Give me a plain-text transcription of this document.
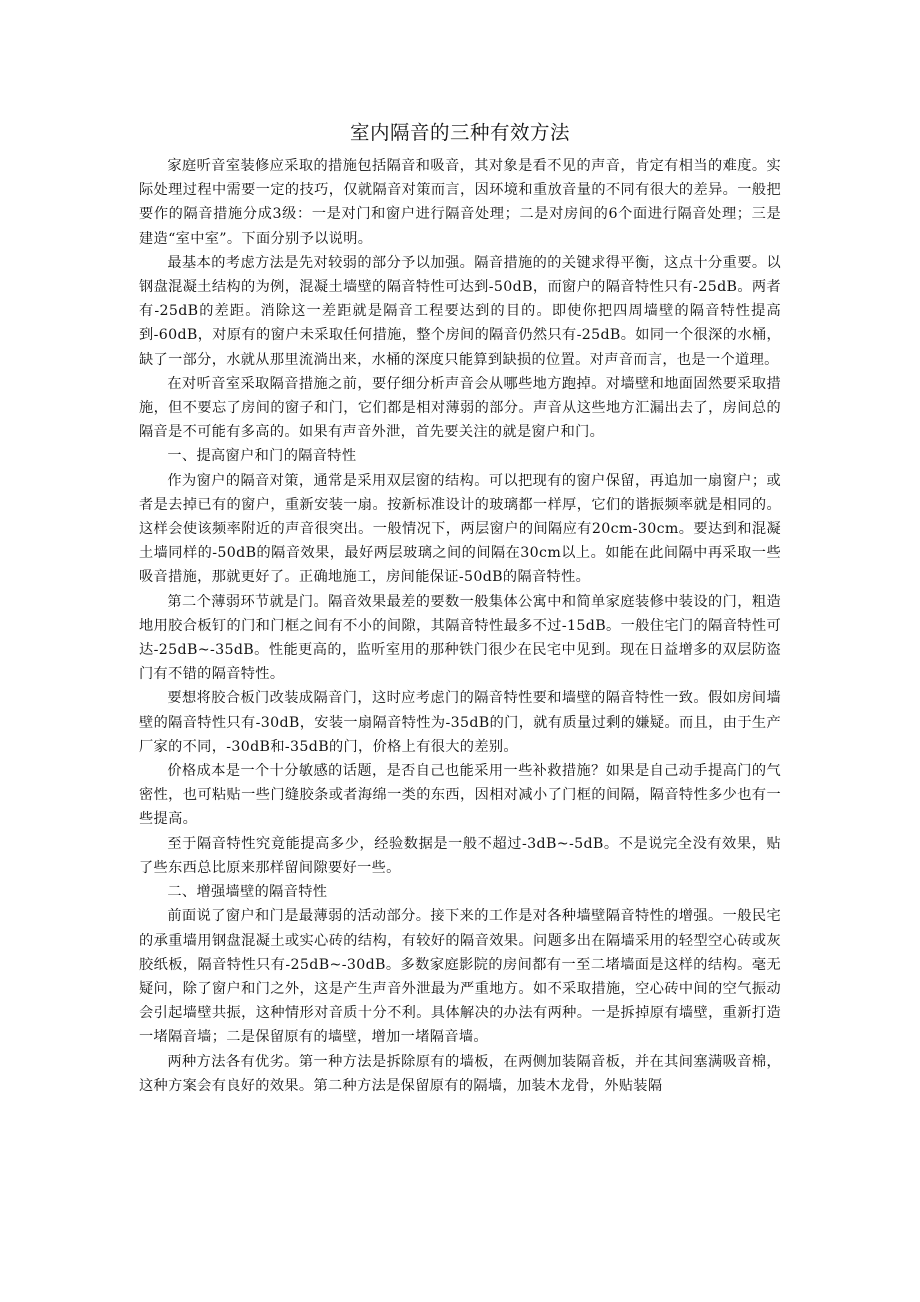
室内隔音的三种有效方法

家庭听音室装修应采取的措施包括隔音和吸音，其对象是看不见的声音，肯定有相当的难度。实际处理过程中需要一定的技巧，仅就隔音对策而言，因环境和重放音量的不同有很大的差异。一般把要作的隔音措施分成3级：一是对门和窗户进行隔音处理；二是对房间的6个面进行隔音处理；三是建造“室中室”。下面分别予以说明。

最基本的考虑方法是先对较弱的部分予以加强。隔音措施的的关键求得平衡，这点十分重要。以钢盘混凝土结构的为例，混凝土墙壁的隔音特性可达到-50dB，而窗户的隔音特性只有-25dB。两者有-25dB的差距。消除这一差距就是隔音工程要达到的目的。即使你把四周墙壁的隔音特性提高到-60dB，对原有的窗户未采取任何措施，整个房间的隔音仍然只有-25dB。如同一个很深的水桶，缺了一部分，水就从那里流淌出来，水桶的深度只能算到缺损的位置。对声音而言，也是一个道理。

在对听音室采取隔音措施之前，要仔细分析声音会从哪些地方跑掉。对墙壁和地面固然要采取措施，但不要忘了房间的窗子和门，它们都是相对薄弱的部分。声音从这些地方汇漏出去了，房间总的隔音是不可能有多高的。如果有声音外泄，首先要关注的就是窗户和门。

一、提高窗户和门的隔音特性

作为窗户的隔音对策，通常是采用双层窗的结构。可以把现有的窗户保留，再追加一扇窗户；或者是去掉已有的窗户，重新安装一扇。按新标准设计的玻璃都一样厚，它们的谐振频率就是相同的。这样会使该频率附近的声音很突出。一般情况下，两层窗户的间隔应有20cm-30cm。要达到和混凝土墙同样的-50dB的隔音效果，最好两层玻璃之间的间隔在30cm以上。如能在此间隔中再采取一些吸音措施，那就更好了。正确地施工，房间能保证-50dB的隔音特性。

第二个薄弱环节就是门。隔音效果最差的要数一般集体公寓中和简单家庭装修中装设的门，粗造地用胶合板钉的门和门框之间有不小的间隙，其隔音特性最多不过-15dB。一般住宅门的隔音特性可达-25dB~-35dB。性能更高的，监听室用的那种铁门很少在民宅中见到。现在日益增多的双层防盗门有不错的隔音特性。

要想将胶合板门改装成隔音门，这时应考虑门的隔音特性要和墙壁的隔音特性一致。假如房间墙壁的隔音特性只有-30dB，安装一扇隔音特性为-35dB的门，就有质量过剩的嫌疑。而且，由于生产厂家的不同，-30dB和-35dB的门，价格上有很大的差别。

价格成本是一个十分敏感的话题，是否自己也能采用一些补救措施？如果是自己动手提高门的气密性，也可粘贴一些门缝胶条或者海绵一类的东西，因相对减小了门框的间隔，隔音特性多少也有一些提高。

至于隔音特性究竟能提高多少，经验数据是一般不超过-3dB~-5dB。不是说完全没有效果，贴了些东西总比原来那样留间隙要好一些。

二、增强墙壁的隔音特性

前面说了窗户和门是最薄弱的活动部分。接下来的工作是对各种墙壁隔音特性的增强。一般民宅的承重墙用钢盘混凝土或实心砖的结构，有较好的隔音效果。问题多出在隔墙采用的轻型空心砖或灰胶纸板，隔音特性只有-25dB~-30dB。多数家庭影院的房间都有一至二堵墙面是这样的结构。毫无疑问，除了窗户和门之外，这是产生声音外泄最为严重地方。如不采取措施，空心砖中间的空气振动会引起墙壁共振，这种情形对音质十分不利。具体解决的办法有两种。一是拆掉原有墙壁，重新打造一堵隔音墙；二是保留原有的墙壁，增加一堵隔音墙。

两种方法各有优劣。第一种方法是拆除原有的墙板，在两侧加装隔音板，并在其间塞满吸音棉，这种方案会有良好的效果。第二种方法是保留原有的隔墙，加装木龙骨，外贴装隔
